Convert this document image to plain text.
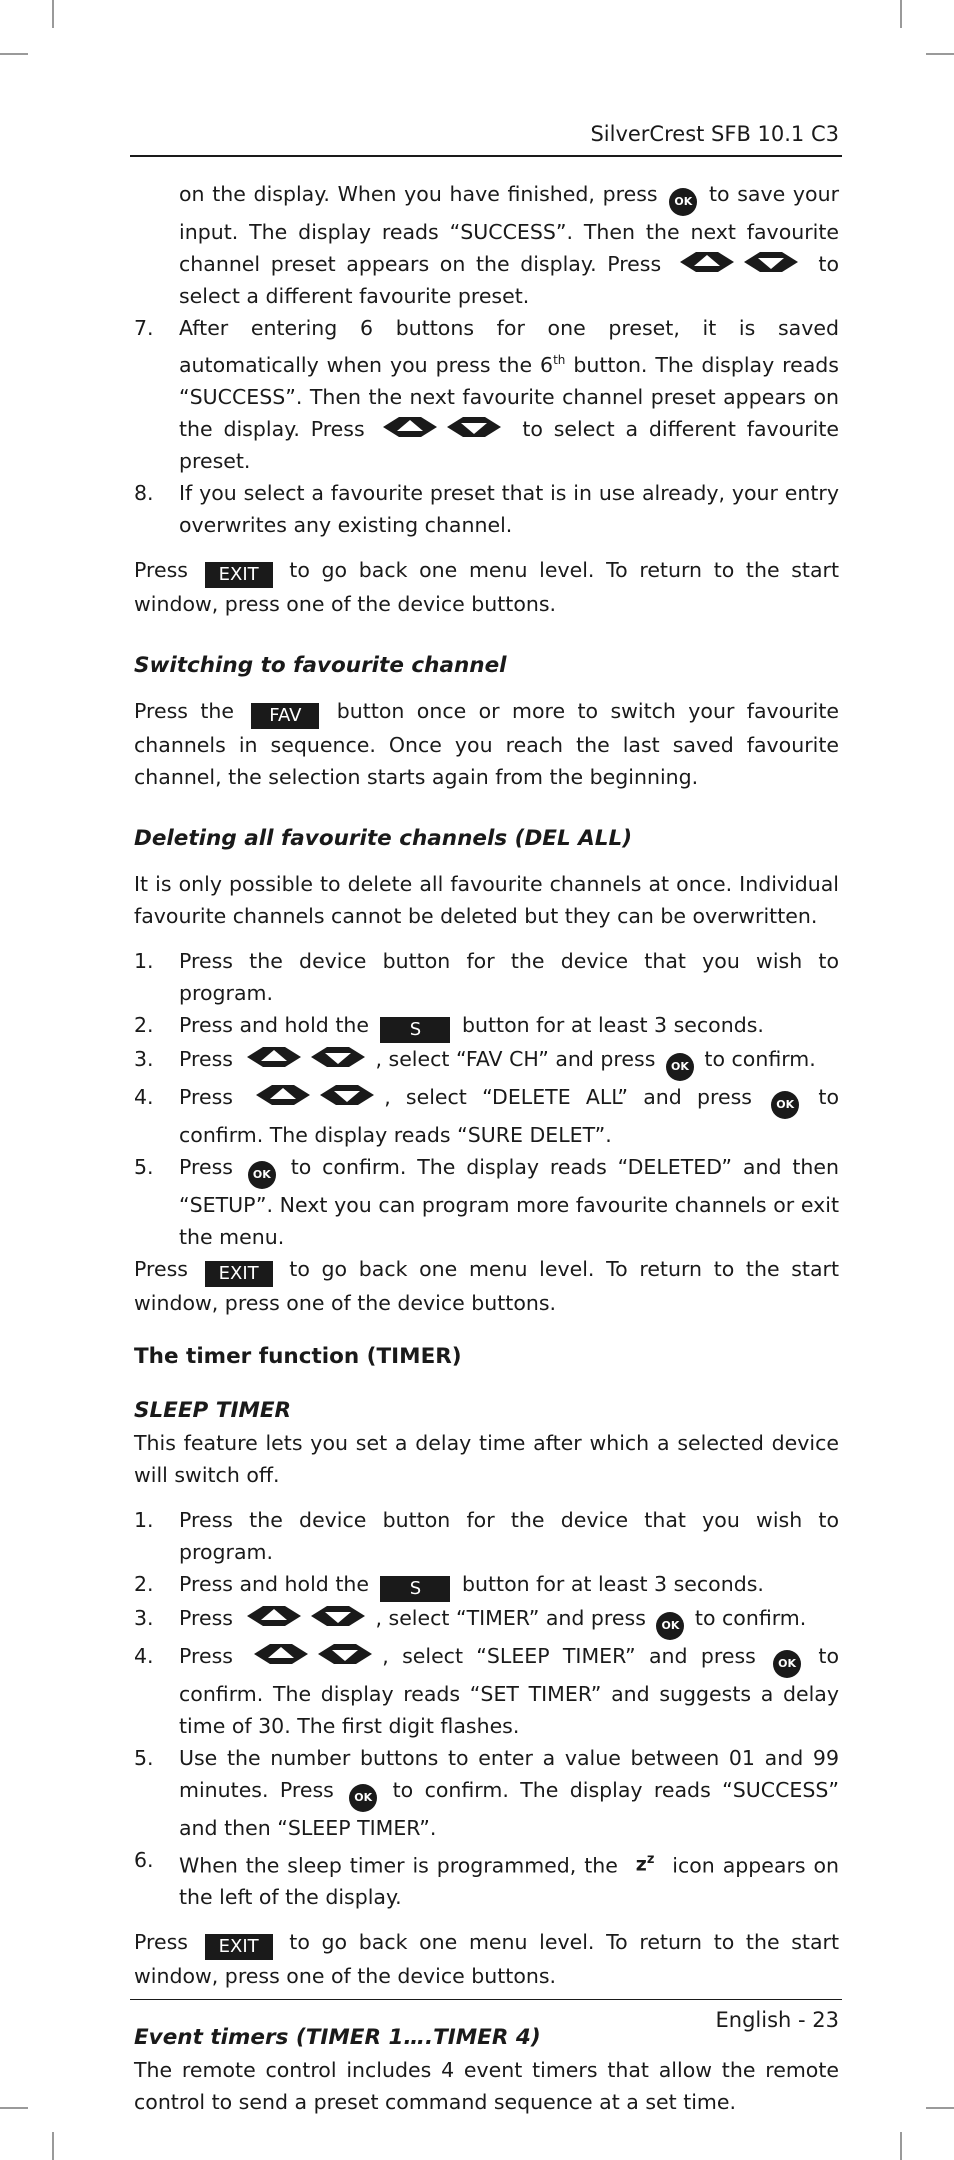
SilverCrest SFB 10.1 C3
on the display. When you have finished, press OK to save your input. The display reads “SUCCESS”. Then the next favourite channel preset appears on the display. Press	to select a different favourite preset.
7. After entering 6 buttons for one preset, it is saved automatically when you press the 6th button. The display reads “SUCCESS”. Then the next favourite channel preset appears on the display. Press	to select a different favourite preset.
8. If you select a favourite preset that is in use already, your entry overwrites any existing channel.

Press EXIT to go back one menu level. To return to the start window, press one of the device buttons.

Switching to favourite channel

Press the FAV button once or more to switch your favourite channels in sequence. Once you reach the last saved favourite channel, the selection starts again from the beginning.

Deleting all favourite channels (DEL ALL)

It is only possible to delete all favourite channels at once. Individual favourite channels cannot be deleted but they can be overwritten.

1. Press the device button for the device that you wish to program.
2. Press and hold the S button for at least 3 seconds.
3. Press	, select “FAV CH” and press OK to confirm.
4. Press	, select “DELETE ALL” and press OK to confirm. The display reads “SURE DELET”.
5. Press OK to confirm. The display reads “DELETED” and then “SETUP”. Next you can program more favourite channels or exit the menu.

Press EXIT to go back one menu level. To return to the start window, press one of the device buttons.

The timer function (TIMER)
SLEEP TIMER

This feature lets you set a delay time after which a selected device will switch off.

1. Press the device button for the device that you wish to program.
2. Press and hold the S button for at least 3 seconds.
3. Press	, select “TIMER” and press OK to confirm.
4. Press	, select “SLEEP TIMER” and press OK to confirm. The display reads “SET TIMER” and suggests a delay time of 30. The first digit flashes.
5. Use the number buttons to enter a value between 01 and 99 minutes. Press OK to confirm. The display reads “SUCCESS” and then “SLEEP TIMER”.
6. When the sleep timer is programmed, the $z^z$ icon appears on the left of the display.

Press EXIT to go back one menu level. To return to the start window, press one of the device buttons.

Event timers (TIMER 1….TIMER 4)

The remote control includes 4 event timers that allow the remote control to send a preset command sequence at a set time.

English - 23
